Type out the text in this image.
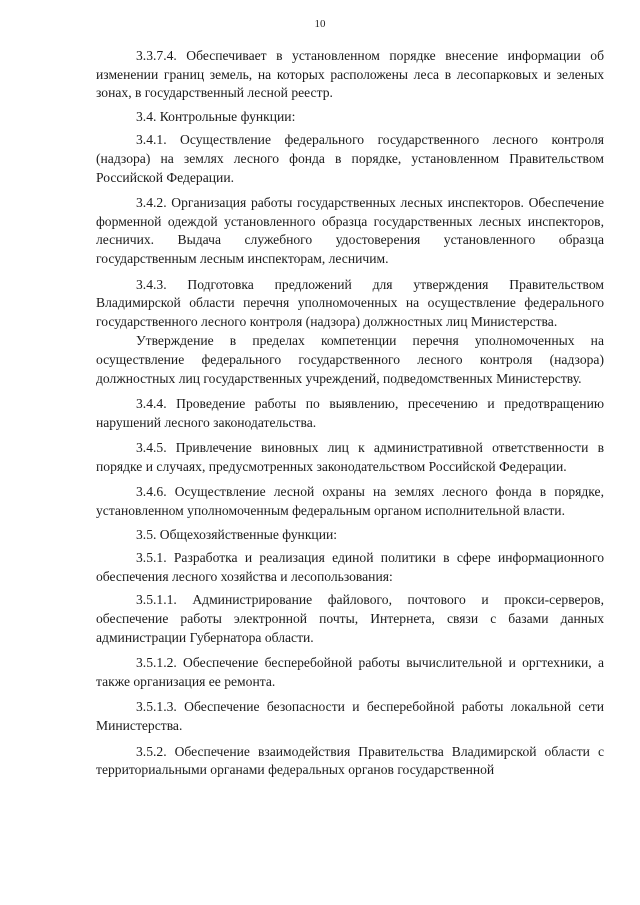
10

3.3.7.4. Обеспечивает в установленном порядке внесение информации об изменении границ земель, на которых расположены леса в лесопарковых и зеленых зонах, в государственный лесной реестр.

3.4. Контрольные функции:

3.4.1. Осуществление федерального государственного лесного контроля (надзора) на землях лесного фонда в порядке, установленном Правительством Российской Федерации.

3.4.2. Организация работы государственных лесных инспекторов. Обеспечение форменной одеждой установленного образца государственных лесных инспекторов, лесничих. Выдача служебного удостоверения установленного образца государственным лесным инспекторам, лесничим.

3.4.3. Подготовка предложений для утверждения Правительством Владимирской области перечня уполномоченных на осуществление федерального государственного лесного контроля (надзора) должностных лиц Министерства.

Утверждение в пределах компетенции перечня уполномоченных на осуществление федерального государственного лесного контроля (надзора) должностных лиц государственных учреждений, подведомственных Министерству.

3.4.4. Проведение работы по выявлению, пресечению и предотвращению нарушений лесного законодательства.

3.4.5. Привлечение виновных лиц к административной ответственности в порядке и случаях, предусмотренных законодательством Российской Федерации.

3.4.6. Осуществление лесной охраны на землях лесного фонда в порядке, установленном уполномоченным федеральным органом исполнительной власти.

3.5. Общехозяйственные функции:

3.5.1. Разработка и реализация единой политики в сфере информационного обеспечения лесного хозяйства и лесопользования:

3.5.1.1. Администрирование файлового, почтового и прокси-серверов, обеспечение работы электронной почты, Интернета, связи с базами данных администрации Губернатора области.

3.5.1.2. Обеспечение бесперебойной работы вычислительной и оргтехники, а также организация ее ремонта.

3.5.1.3. Обеспечение безопасности и бесперебойной работы локальной сети Министерства.

3.5.2. Обеспечение взаимодействия Правительства Владимирской области с территориальными органами федеральных органов государственной
